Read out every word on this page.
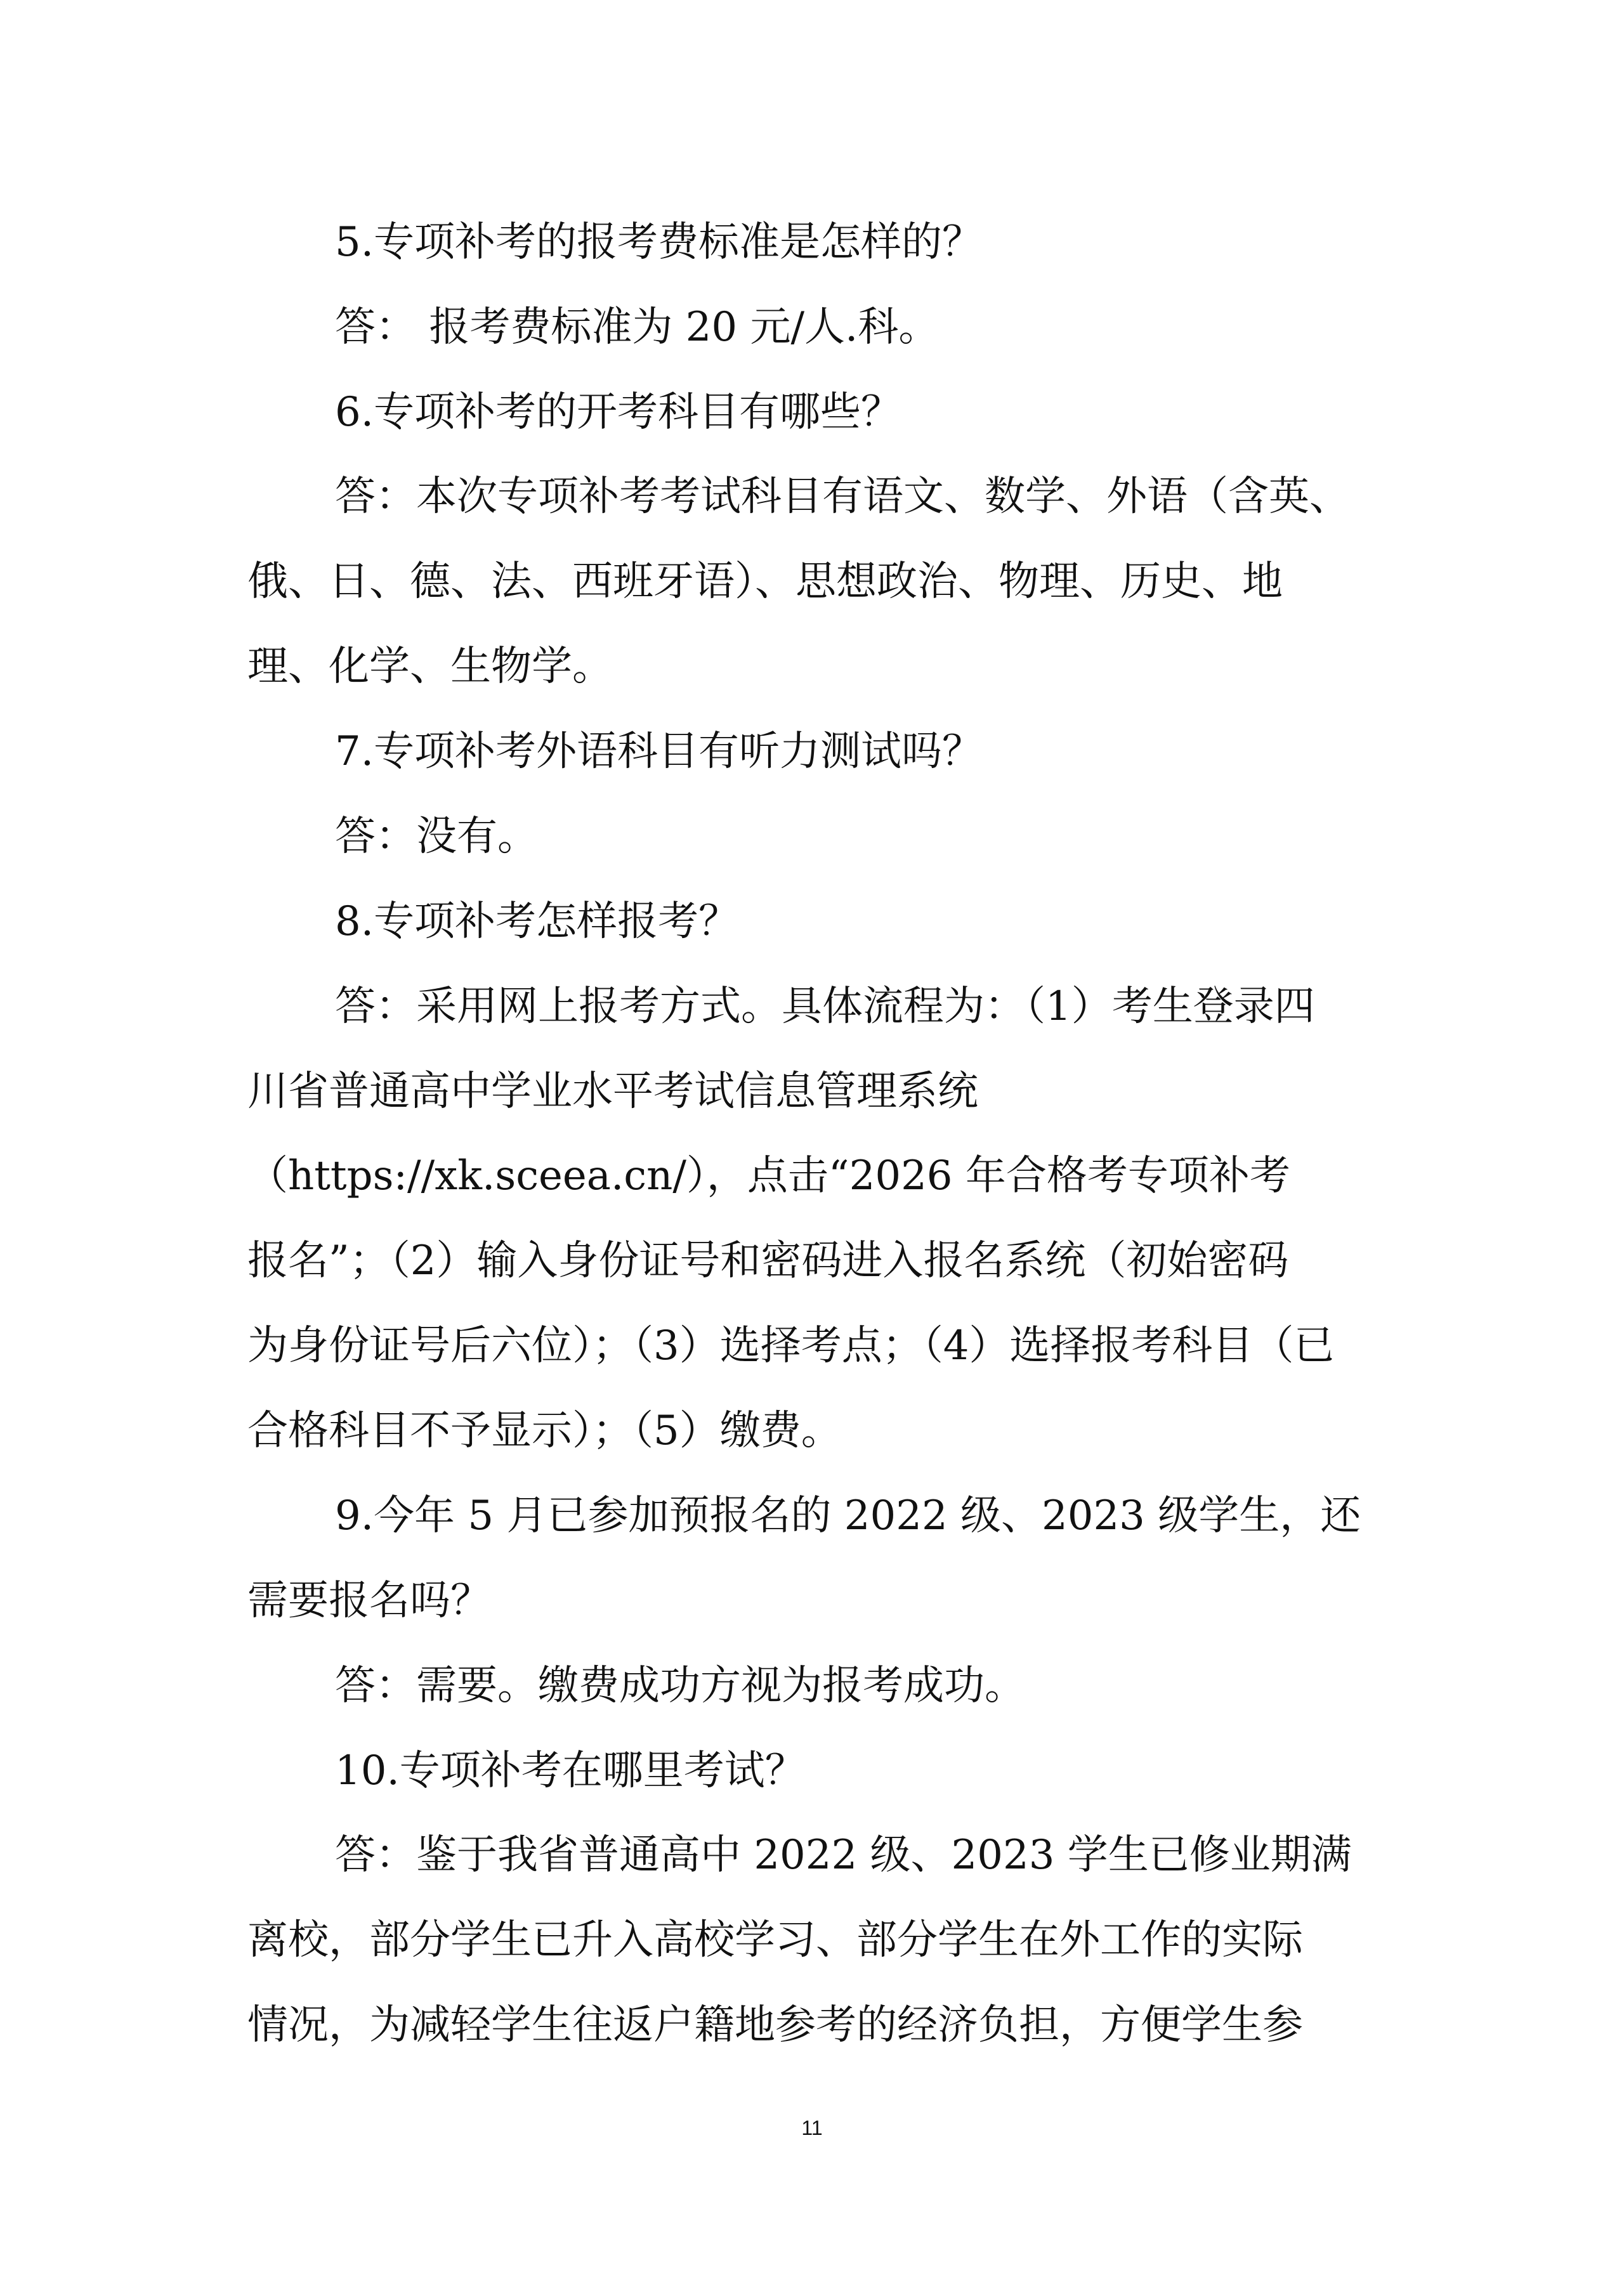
5.专项补考的报考费标准是怎样的？
答： 报考费标准为 20 元/人.科。
6.专项补考的开考科目有哪些？
答：本次专项补考考试科目有语文、数学、外语（含英、
俄、日、德、法、西班牙语）、思想政治、物理、历史、地
理、化学、生物学。
7.专项补考外语科目有听力测试吗？
答：没有。
8.专项补考怎样报考？
答：采用网上报考方式。具体流程为：（1）考生登录四
川省普通高中学业水平考试信息管理系统
（https://xk.sceea.cn/），点击“2026 年合格考专项补考
报名”；（2）输入身份证号和密码进入报名系统（初始密码
为身份证号后六位）；（3）选择考点；（4）选择报考科目（已
合格科目不予显示）；（5）缴费。
9.今年 5 月已参加预报名的 2022 级、2023 级学生，还
需要报名吗？
答：需要。缴费成功方视为报考成功。
10.专项补考在哪里考试？
答：鉴于我省普通高中 2022 级、2023 学生已修业期满
离校，部分学生已升入高校学习、部分学生在外工作的实际
情况，为减轻学生往返户籍地参考的经济负担，方便学生参
11
